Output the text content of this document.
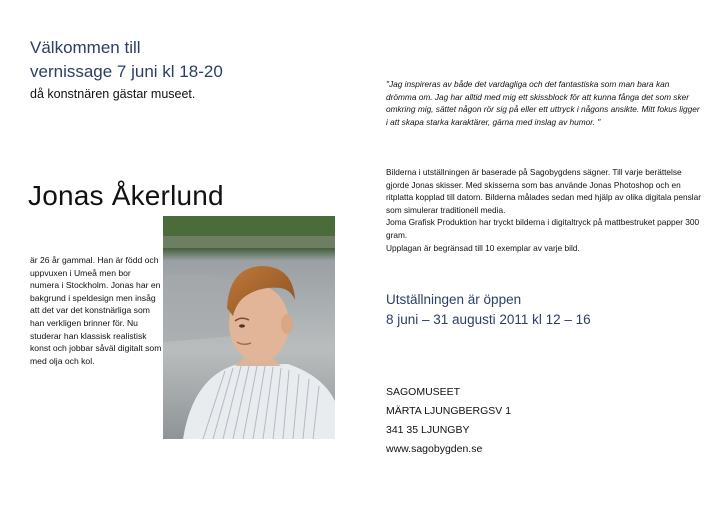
Välkommen till
vernissage 7 juni kl 18-20
då konstnären gästar museet.
Jonas Åkerlund
är 26 år gammal. Han är född och uppvuxen i Umeå men bor numera i Stockholm. Jonas har en bakgrund i speldesign men insåg att det var det konstnärliga som han verkligen brinner för. Nu studerar han klassisk realistisk konst och jobbar såväl digitalt som med olja och kol.
"Jag inspireras av både det vardagliga och det fantastiska som man bara kan drömma om. Jag har alltid med mig ett skissblock för att kunna fånga det som sker omkring mig, sättet någon rör sig på eller ett uttryck i någons ansikte. Mitt fokus ligger i att skapa starka karaktärer, gärna med inslag av humor. "
Bilderna i utställningen är baserade på Sagobygdens sägner. Till varje berättelse gjorde Jonas skisser. Med skisserna som bas använde Jonas Photoshop och en ritplatta kopplad till datorn. Bilderna målades sedan med hjälp av olika digitala penslar som simulerar traditionell media.
Joma Grafisk Produktion har tryckt bilderna i digitaltryck på mattbestruket papper 300 gram.
Upplagan är begränsad till 10 exemplar av varje bild.
Utställningen är öppen
8 juni – 31 augusti 2011 kl 12 – 16
SAGOMUSEET
MÄRTA LJUNGBERGSV 1
341 35 LJUNGBY
www.sagobygden.se
